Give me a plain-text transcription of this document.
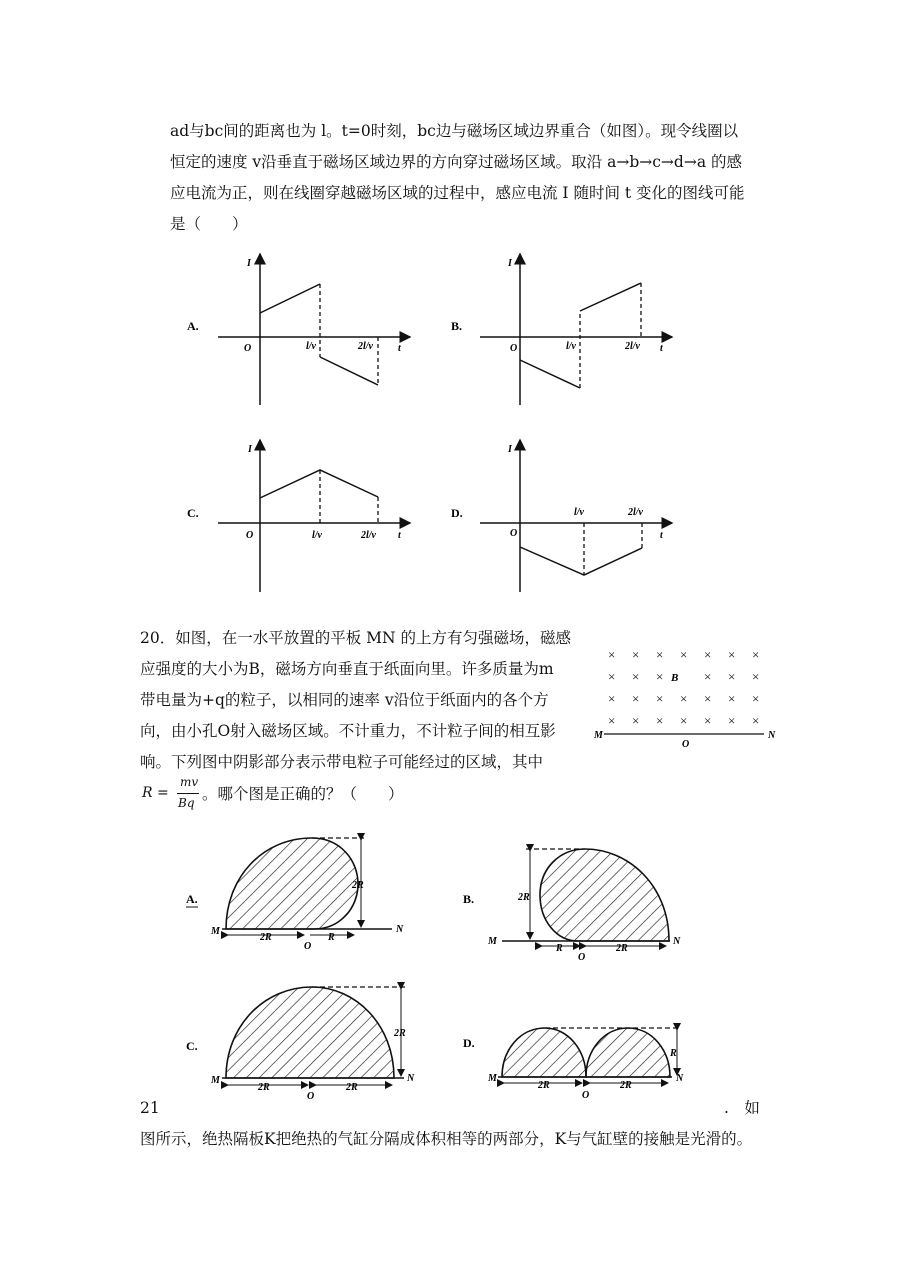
ad与bc间的距离也为 l。t=0时刻，bc边与磁场区域边界重合（如图）。现令线圈以
恒定的速度 v沿垂直于磁场区域边界的方向穿过磁场区域。取沿 a→b→c→d→a 的感
应电流为正，则在线圈穿越磁场区域的过程中，感应电流 I 随时间 t 变化的图线可能
是（　　）
A.
I
O	l/v	2l/v	t
B.
I
O	l/v	2l/v t
C.
I
O	l/v	2l/v t
D.
I
O
l/v	2l/v
t
20．如图，在一水平放置的平板 MN 的上方有匀强磁场，磁感
应强度的大小为B，磁场方向垂直于纸面向里。许多质量为m
带电量为+q的粒子，以相同的速率 v沿位于纸面内的各个方
向，由小孔O射入磁场区域。不计重力，不计粒子间的相互影
响。下列图中阴影部分表示带电粒子可能经过的区域，其中
R =
mv
Bq 。哪个图是正确的？（　　）
× × × × × × ×
× × ×	× × ×
× × × × × × ×
× × × × × × ×
B
M
O
N
A.
2R
2R	R
M
O
N
B.	2R
R	2R
M
O
N
C.
2R
2R	2R
M
O
N
D.
R
2R	2R
M
O
N
21	.　如
图所示，绝热隔板K把绝热的气缸分隔成体积相等的两部分，K与气缸壁的接触是光滑的。
